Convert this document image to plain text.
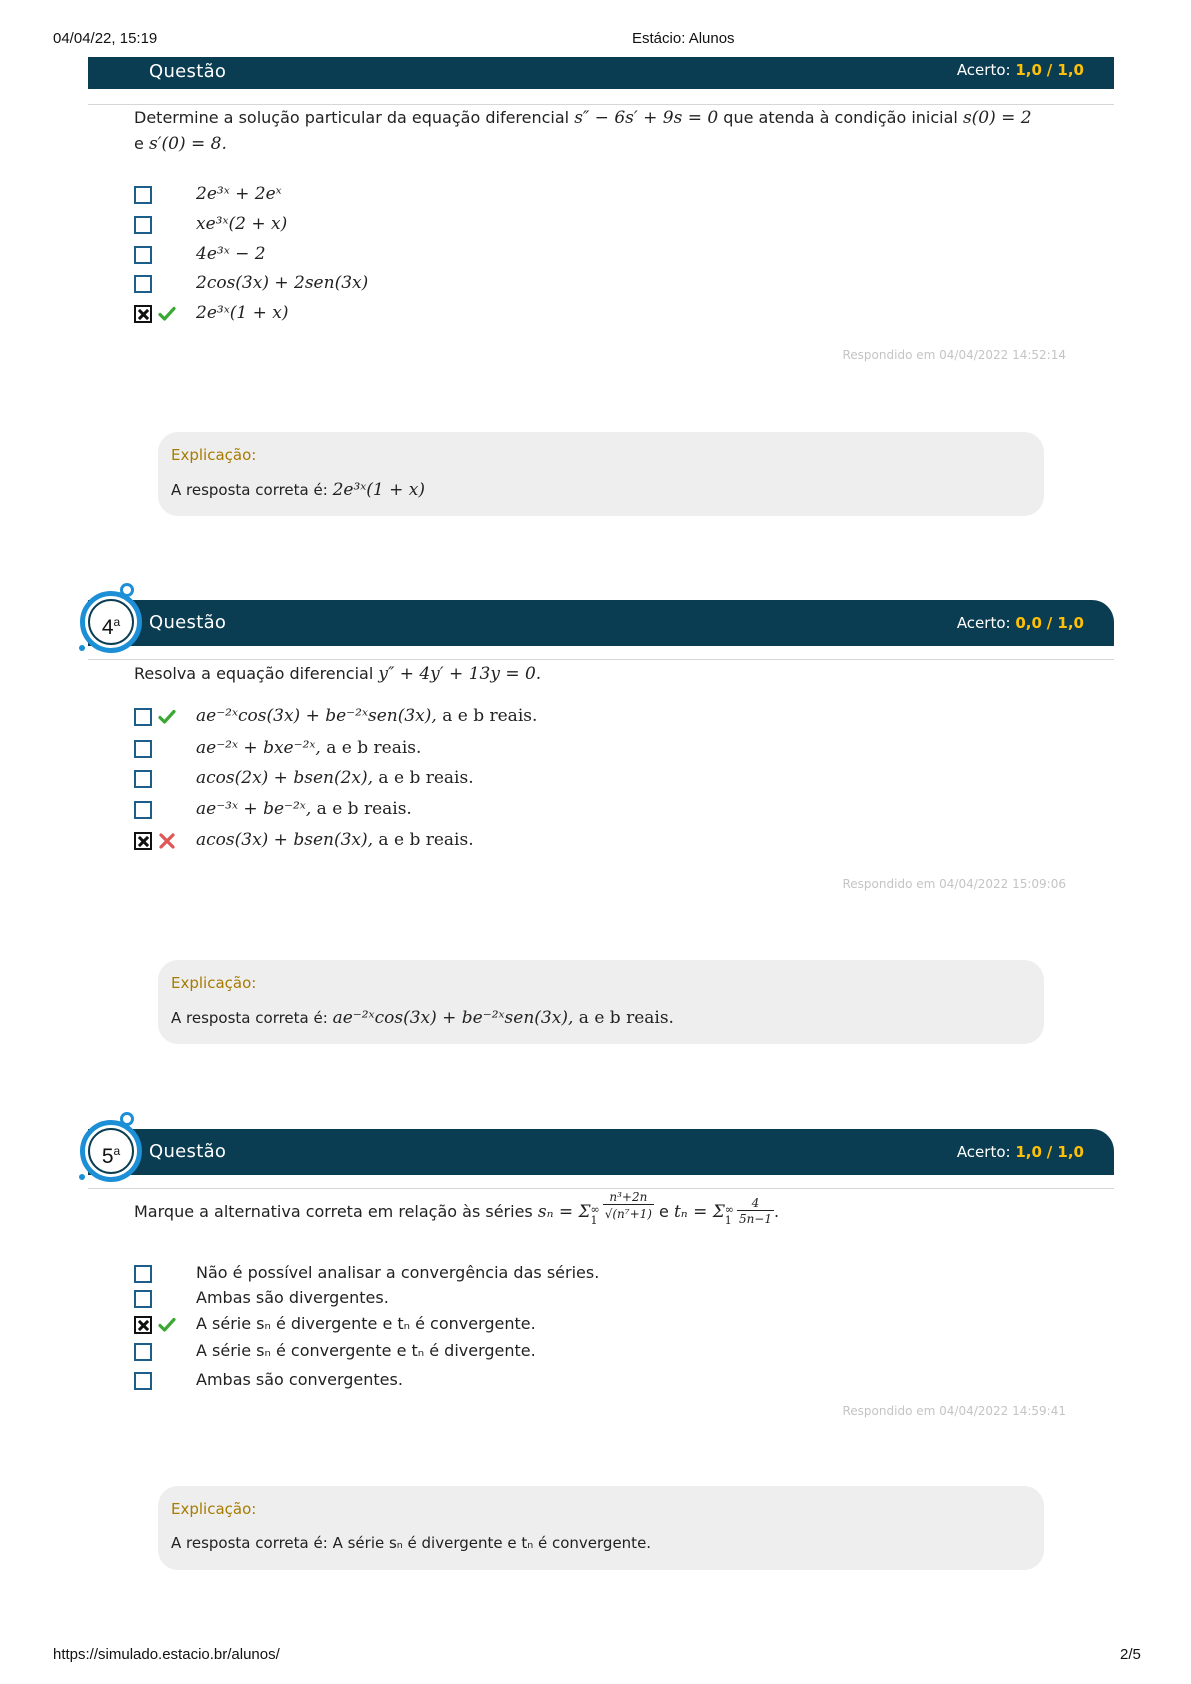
04/04/22, 15:19	Estácio: Alunos
Questão	Acerto: 1,0 / 1,0
Determine a solução particular da equação diferencial s″ − 6s′ + 9s = 0 que atenda à condição inicial s(0) = 2
e s′(0) = 8.
2e³ˣ + 2eˣ
xe³ˣ(2 + x)
4e³ˣ − 2
2cos(3x) + 2sen(3x)
2e³ˣ(1 + x)
Respondido em 04/04/2022 14:52:14
Explicação:
A resposta correta é: 2e³ˣ(1 + x)
Questão	Acerto: 0,0 / 1,0
4$^a$
Resolva a equação diferencial y″ + 4y′ + 13y = 0.
ae⁻²ˣcos(3x) + be⁻²ˣsen(3x), a e b reais.
ae⁻²ˣ + bxe⁻²ˣ, a e b reais.
acos(2x) + bsen(2x), a e b reais.
ae⁻³ˣ + be⁻²ˣ, a e b reais.
acos(3x) + bsen(3x), a e b reais.
Respondido em 04/04/2022 15:09:06
Explicação:
A resposta correta é: ae⁻²ˣcos(3x) + be⁻²ˣsen(3x), a e b reais.
Questão	Acerto: 1,0 / 1,0
5$^a$
Marque a alternativa correta em relação às séries sₙ = Σ ∞
$1 \frac{\text{n³+2n}}{\text{√(n⁷+1)}}$ e tₙ = Σ ∞
$1 \frac{4}{5n-1}$ .
Não é possível analisar a convergência das séries.
Ambas são divergentes.
A série sₙ é divergente e tₙ é convergente.
A série sₙ é convergente e tₙ é divergente.
Ambas são convergentes.
Respondido em 04/04/2022 14:59:41
Explicação:
A resposta correta é: A série sₙ é divergente e tₙ é convergente.
https://simulado.estacio.br/alunos/	2/5
